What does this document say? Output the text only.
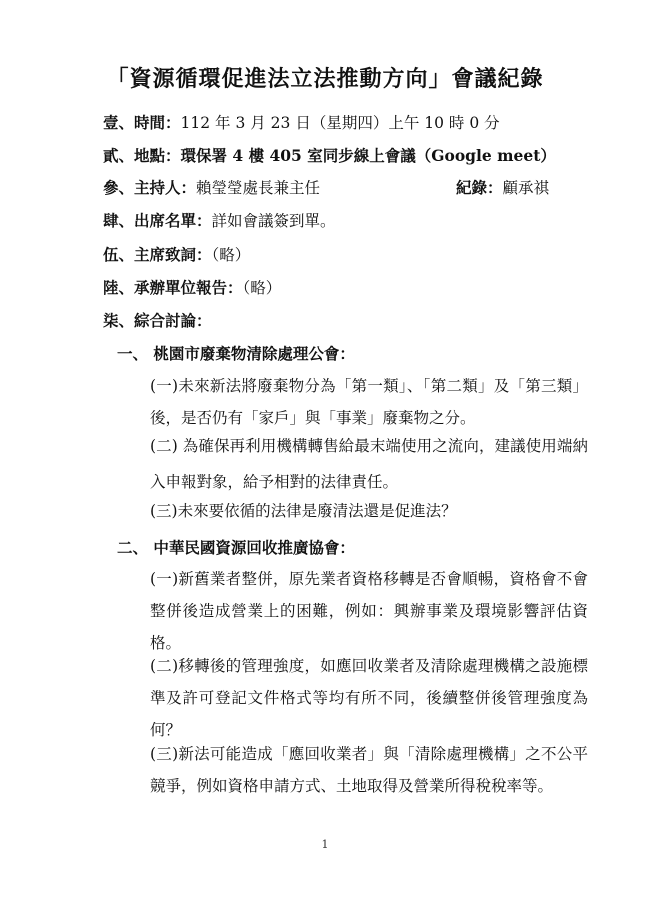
「資源循環促進法立法推動方向」會議紀錄
壹、時間：112 年 3 月 23 日（星期四）上午 10 時 0 分
貳、地點：環保署 4 樓 405 室同步線上會議（Google meet）
參、主持人：賴瑩瑩處長兼主任	紀錄：顧承祺
肆、出席名單：詳如會議簽到單。
伍、主席致詞：（略）
陸、承辦單位報告：（略）
柒、綜合討論：
一、 桃園市廢棄物清除處理公會：
(一)未來新法將廢棄物分為「第一類」、「第二類」及「第三類」後，是否仍有「家戶」與「事業」廢棄物之分。
(二) 為確保再利用機構轉售給最末端使用之流向，建議使用端納入申報對象，給予相對的法律責任。
(三)未來要依循的法律是廢清法還是促進法？
二、 中華民國資源回收推廣協會：
(一)新舊業者整併，原先業者資格移轉是否會順暢，資格會不會整併後造成營業上的困難，例如：興辦事業及環境影響評估資格。
(二)移轉後的管理強度，如應回收業者及清除處理機構之設施標準及許可登記文件格式等均有所不同，後續整併後管理強度為何？
(三)新法可能造成「應回收業者」與「清除處理機構」之不公平競爭，例如資格申請方式、土地取得及營業所得稅稅率等。
1
